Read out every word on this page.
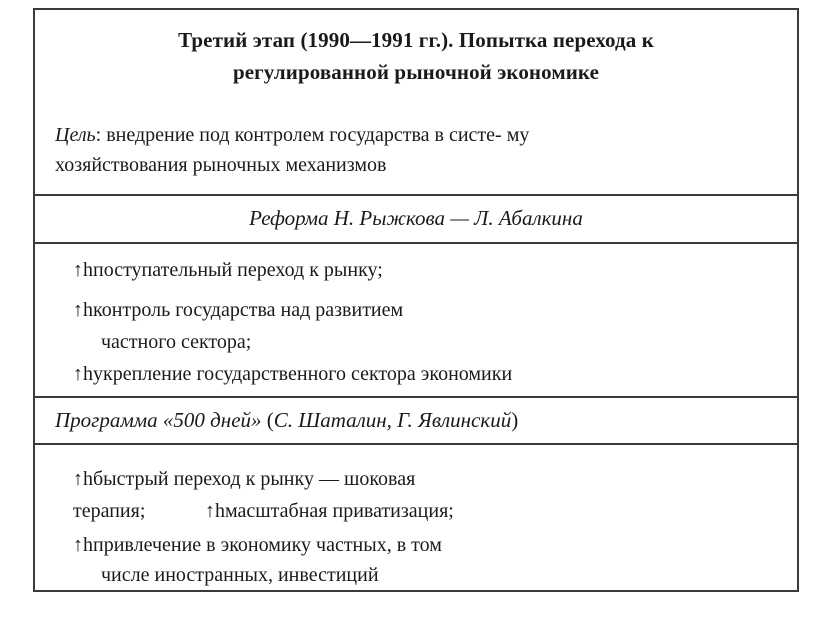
Третий этап (1990—1991 гг.). Попытка перехода к
регулированной рыночной экономике
Цель: внедрение под контролем государства в систе- му
хозяйствования рыночных механизмов
Реформа Н. Рыжкова — Л. Абалкина
↑hпоступательный переход к рынку;
↑hконтроль государства над развитием
частного сектора;
↑hукрепление государственного сектора экономики
Программа «500 дней» (С. Шаталин, Г. Явлинский)
↑hбыстрый переход к рынку — шоковая
терапия;	↑hмасштабная приватизация;
↑hпривлечение в экономику частных, в том
числе иностранных, инвестиций
